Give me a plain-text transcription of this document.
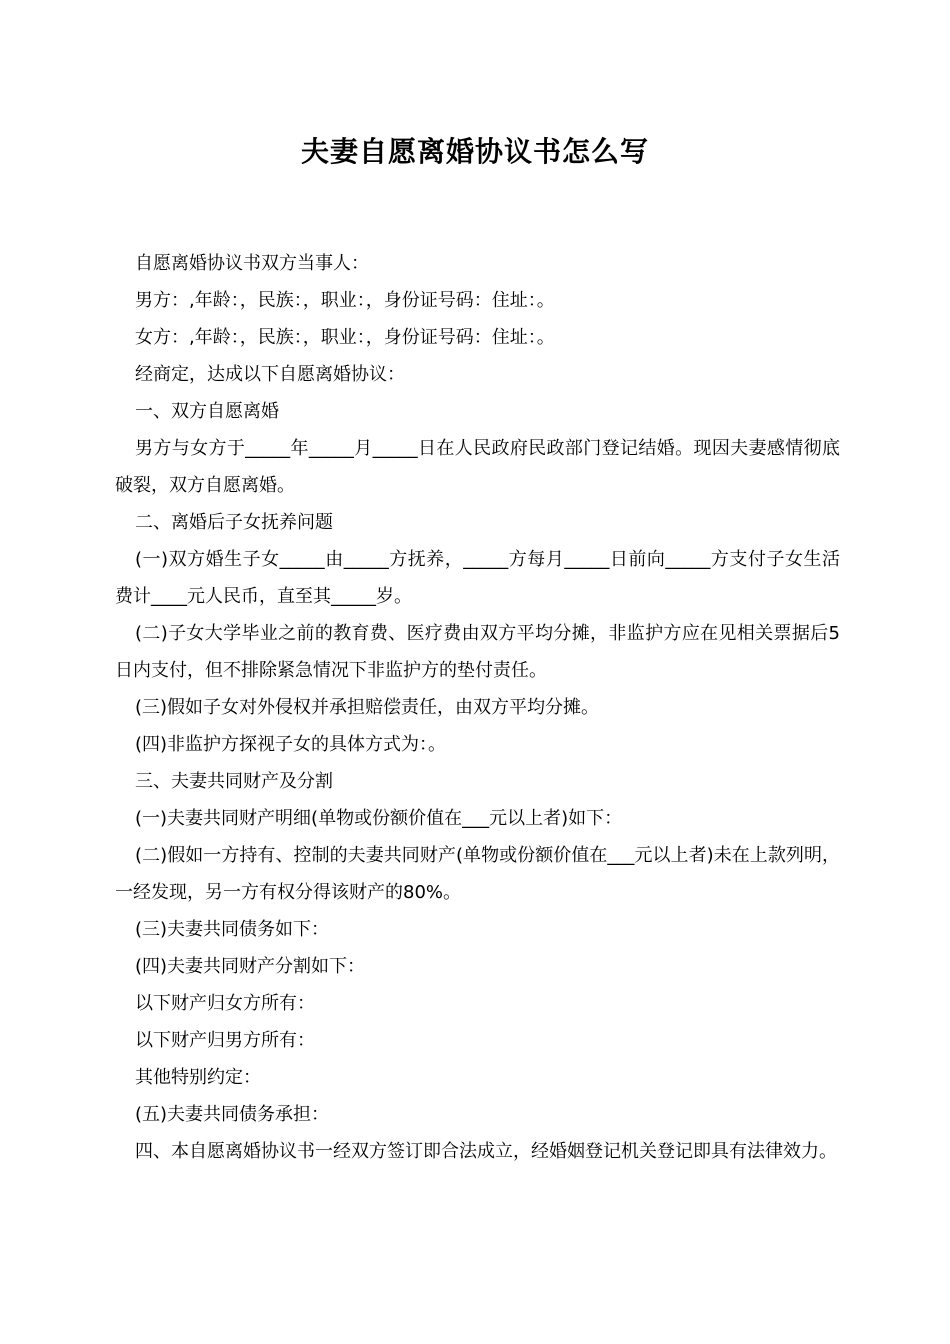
夫妻自愿离婚协议书怎么写

自愿离婚协议书双方当事人：

男方：,年龄：，民族：，职业：，身份证号码：住址：。

女方：,年龄：，民族：，职业：，身份证号码：住址：。

经商定，达成以下自愿离婚协议：

一、双方自愿离婚

男方与女方于_____年_____月_____日在人民政府民政部门登记结婚。现因夫妻感情彻底破裂，双方自愿离婚。

二、离婚后子女抚养问题

(一)双方婚生子女_____由_____方抚养，_____方每月_____日前向_____方支付子女生活费计____元人民币，直至其_____岁。

(二)子女大学毕业之前的教育费、医疗费由双方平均分摊，非监护方应在见相关票据后5日内支付，但不排除紧急情况下非监护方的垫付责任。

(三)假如子女对外侵权并承担赔偿责任，由双方平均分摊。

(四)非监护方探视子女的具体方式为：。

三、夫妻共同财产及分割

(一)夫妻共同财产明细(单物或份额价值在___元以上者)如下：

(二)假如一方持有、控制的夫妻共同财产(单物或份额价值在___元以上者)未在上款列明，一经发现，另一方有权分得该财产的80%。

(三)夫妻共同债务如下：

(四)夫妻共同财产分割如下：

以下财产归女方所有：

以下财产归男方所有：

其他特别约定：

(五)夫妻共同债务承担：

四、本自愿离婚协议书一经双方签订即合法成立，经婚姻登记机关登记即具有法律效力。
